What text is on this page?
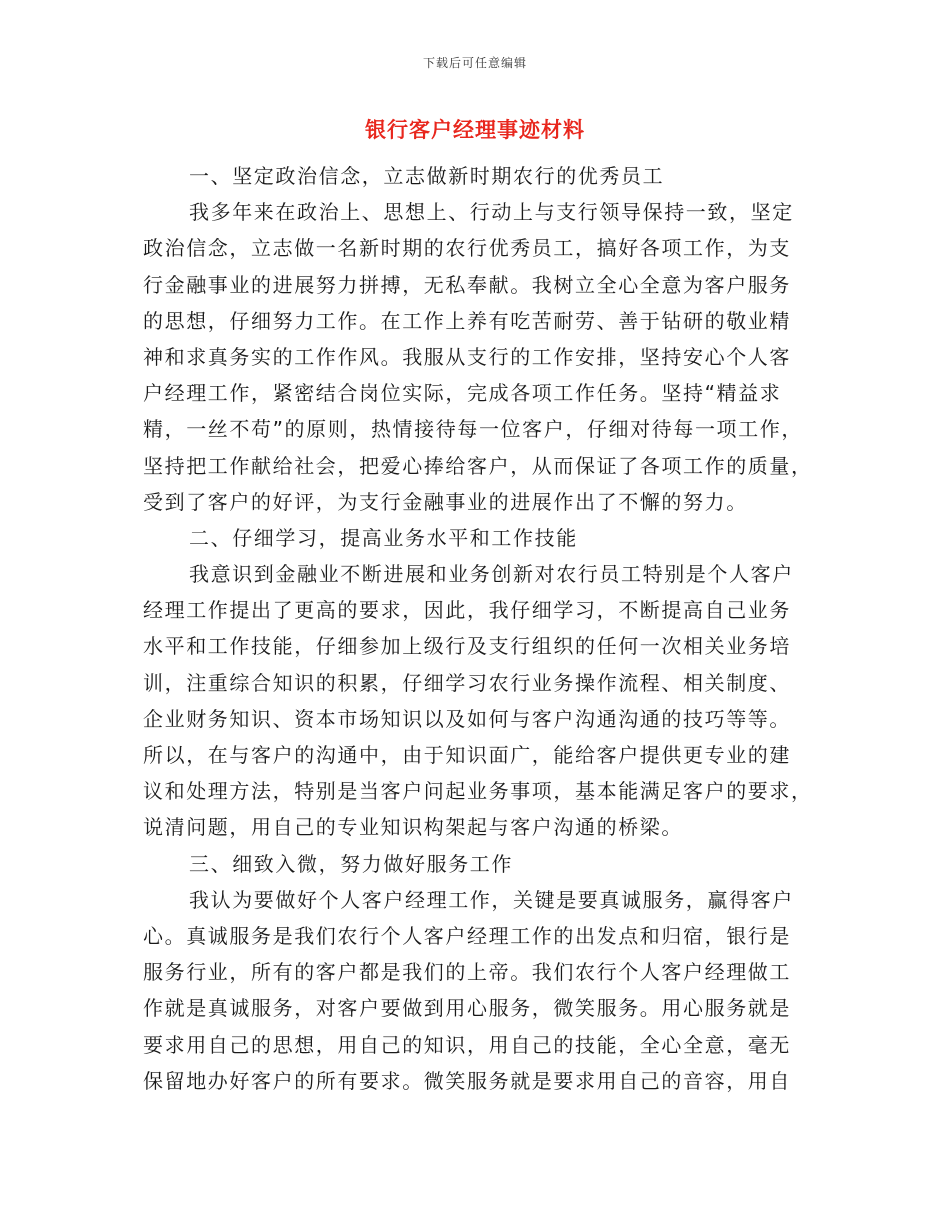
下载后可任意编辑
银行客户经理事迹材料
一、坚定政治信念，立志做新时期农行的优秀员工
我多年来在政治上、思想上、行动上与支行领导保持一致，坚定
政治信念，立志做一名新时期的农行优秀员工，搞好各项工作，为支
行金融事业的进展努力拼搏，无私奉献。我树立全心全意为客户服务
的思想，仔细努力工作。在工作上养有吃苦耐劳、善于钻研的敬业精
神和求真务实的工作作风。我服从支行的工作安排，坚持安心个人客
户经理工作，紧密结合岗位实际，完成各项工作任务。坚持“精益求
精，一丝不苟”的原则，热情接待每一位客户，仔细对待每一项工作，
坚持把工作献给社会，把爱心捧给客户，从而保证了各项工作的质量，
受到了客户的好评，为支行金融事业的进展作出了不懈的努力。
二、仔细学习，提高业务水平和工作技能
我意识到金融业不断进展和业务创新对农行员工特别是个人客户
经理工作提出了更高的要求，因此，我仔细学习，不断提高自己业务
水平和工作技能，仔细参加上级行及支行组织的任何一次相关业务培
训，注重综合知识的积累，仔细学习农行业务操作流程、相关制度、
企业财务知识、资本市场知识以及如何与客户沟通沟通的技巧等等。
所以，在与客户的沟通中，由于知识面广，能给客户提供更专业的建
议和处理方法，特别是当客户问起业务事项，基本能满足客户的要求，
说清问题，用自己的专业知识构架起与客户沟通的桥梁。
三、细致入微，努力做好服务工作
我认为要做好个人客户经理工作，关键是要真诚服务，赢得客户
心。真诚服务是我们农行个人客户经理工作的出发点和归宿，银行是
服务行业，所有的客户都是我们的上帝。我们农行个人客户经理做工
作就是真诚服务，对客户要做到用心服务，微笑服务。用心服务就是
要求用自己的思想，用自己的知识，用自己的技能，全心全意，毫无
保留地办好客户的所有要求。微笑服务就是要求用自己的音容，用自
